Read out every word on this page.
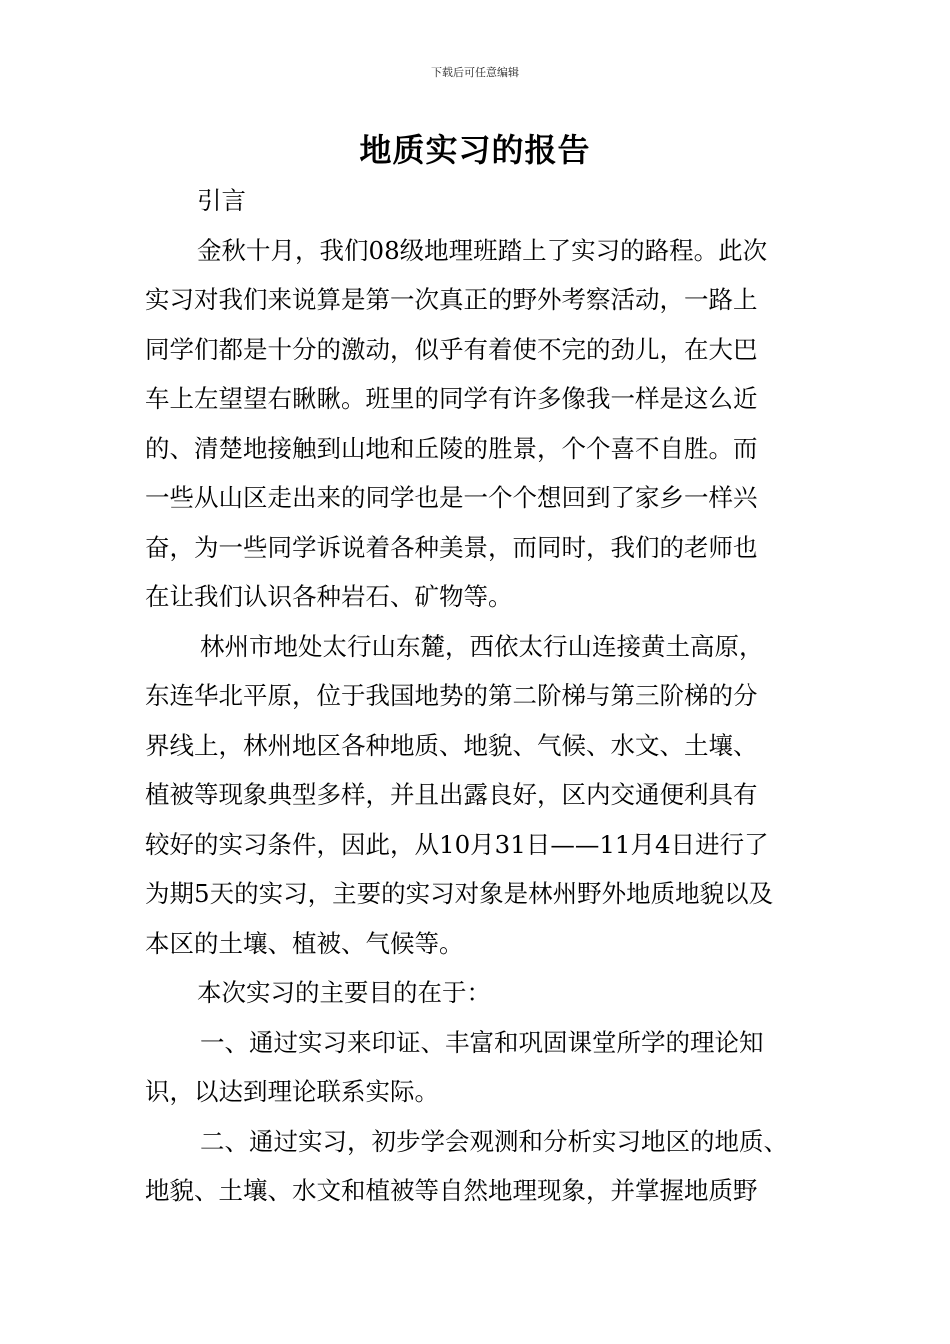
下载后可任意编辑
地质实习的报告
引言
金秋十月，我们08级地理班踏上了实习的路程。此次
实习对我们来说算是第一次真正的野外考察活动，一路上
同学们都是十分的激动，似乎有着使不完的劲儿，在大巴
车上左望望右瞅瞅。班里的同学有许多像我一样是这么近
的、清楚地接触到山地和丘陵的胜景，个个喜不自胜。而
一些从山区走出来的同学也是一个个想回到了家乡一样兴
奋，为一些同学诉说着各种美景，而同时，我们的老师也
在让我们认识各种岩石、矿物等。
林州市地处太行山东麓，西依太行山连接黄土高原，
东连华北平原，位于我国地势的第二阶梯与第三阶梯的分
界线上，林州地区各种地质、地貌、气候、水文、土壤、
植被等现象典型多样，并且出露良好，区内交通便利具有
较好的实习条件，因此，从10月31日——11月4日进行了
为期5天的实习，主要的实习对象是林州野外地质地貌以及
本区的土壤、植被、气候等。
本次实习的主要目的在于：
一、通过实习来印证、丰富和巩固课堂所学的理论知
识，以达到理论联系实际。
二、通过实习，初步学会观测和分析实习地区的地质、
地貌、土壤、水文和植被等自然地理现象，并掌握地质野
